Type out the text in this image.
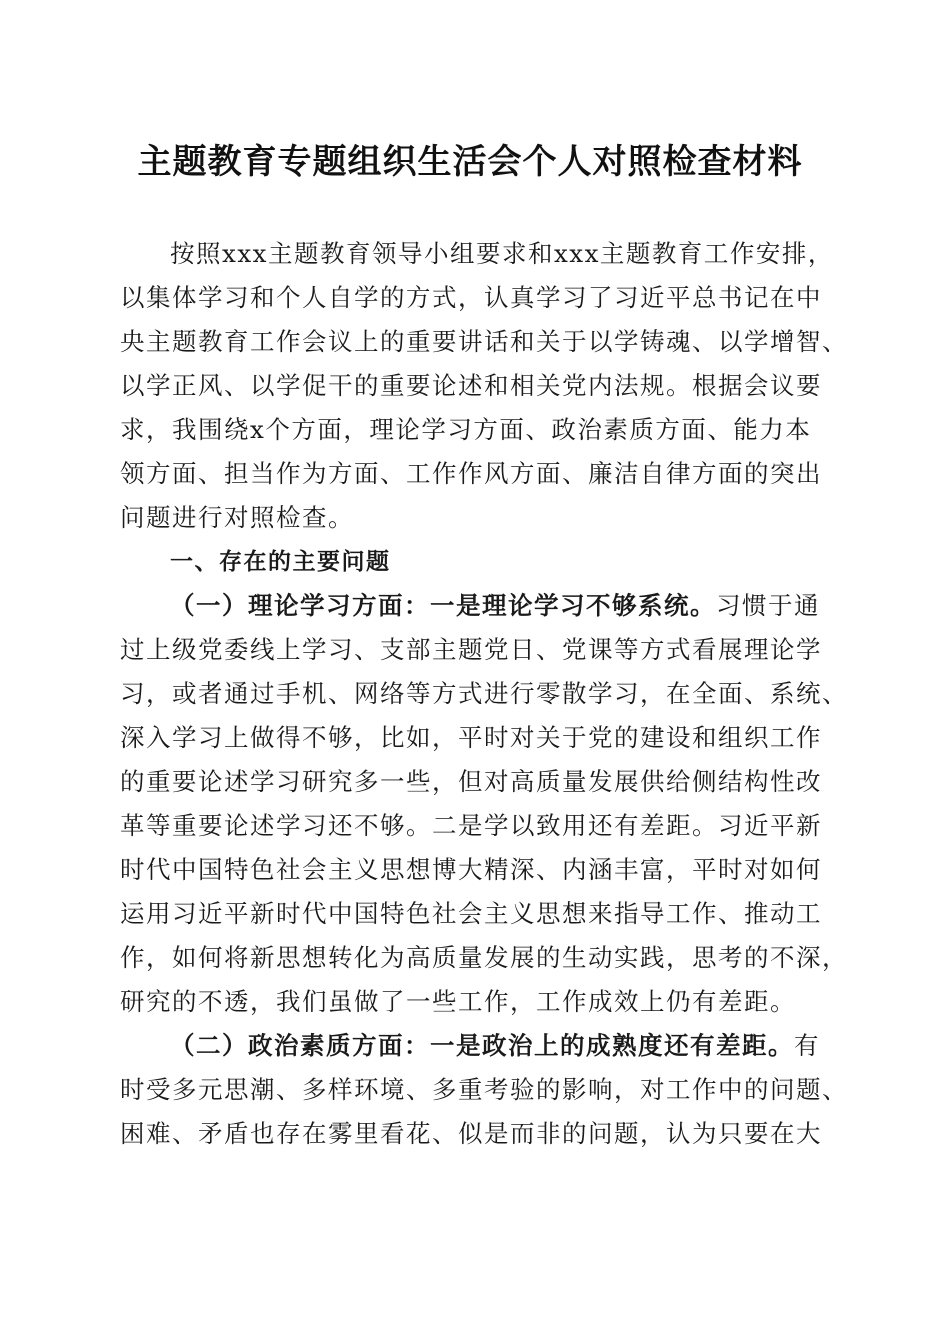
主题教育专题组织生活会个人对照检查材料
按照xxx主题教育领导小组要求和xxx主题教育工作安排，
以集体学习和个人自学的方式，认真学习了习近平总书记在中
央主题教育工作会议上的重要讲话和关于以学铸魂、以学增智、
以学正风、以学促干的重要论述和相关党内法规。根据会议要
求，我围绕x个方面，理论学习方面、政治素质方面、能力本
领方面、担当作为方面、工作作风方面、廉洁自律方面的突出
问题进行对照检查。
一、存在的主要问题
（一）理论学习方面：一是理论学习不够系统。习惯于通
过上级党委线上学习、支部主题党日、党课等方式看展理论学
习，或者通过手机、网络等方式进行零散学习，在全面、系统、
深入学习上做得不够，比如，平时对关于党的建设和组织工作
的重要论述学习研究多一些，但对高质量发展供给侧结构性改
革等重要论述学习还不够。二是学以致用还有差距。习近平新
时代中国特色社会主义思想博大精深、内涵丰富，平时对如何
运用习近平新时代中国特色社会主义思想来指导工作、推动工
作，如何将新思想转化为高质量发展的生动实践，思考的不深，
研究的不透，我们虽做了一些工作，工作成效上仍有差距。
（二）政治素质方面：一是政治上的成熟度还有差距。有
时受多元思潮、多样环境、多重考验的影响，对工作中的问题、
困难、矛盾也存在雾里看花、似是而非的问题，认为只要在大
